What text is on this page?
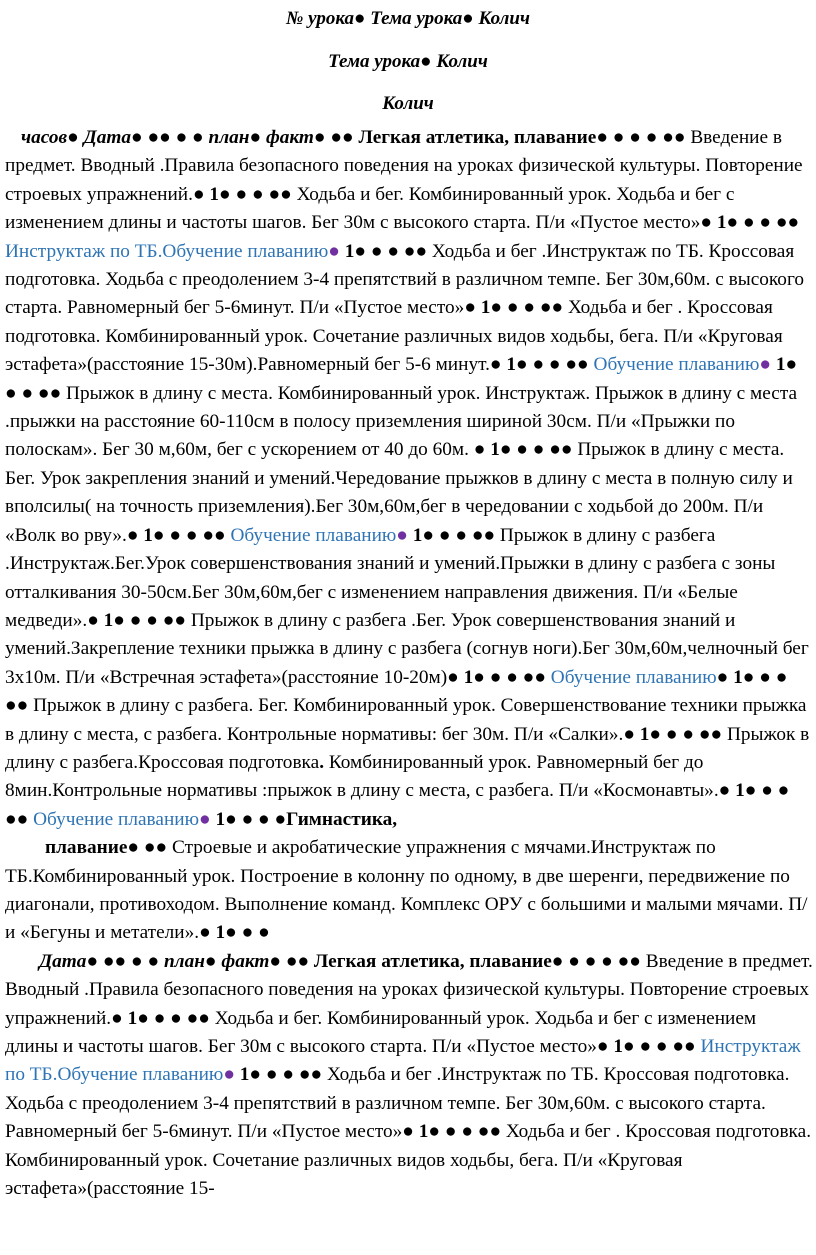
№ урока● Тема урока● Колич
Тема урока● Колич
Колич
часов● Дата● ●● ● ● план● факт● ●● Легкая атлетика, плавание● ● ● ● ●● Введение в предмет. Вводный .Правила безопасного поведения на уроках физической культуры. Повторение строевых упражнений.● 1● ● ● ●● Ходьба и бег. Комбинированный урок. Ходьба и бег с изменением длины и частоты шагов. Бег 30м с высокого старта. П/и «Пустое место»● 1● ● ● ●● Инструктаж по ТБ.Обучение плаванию● 1● ● ● ●● Ходьба и бег .Инструктаж по ТБ. Кроссовая подготовка. Ходьба с преодолением 3-4 препятствий в различном темпе. Бег 30м,60м. с высокого старта. Равномерный бег 5-6минут. П/и «Пустое место»● 1● ● ● ●● Ходьба и бег . Кроссовая подготовка. Комбинированный урок. Сочетание различных видов ходьбы, бега. П/и «Круговая эстафета»(расстояние 15-30м).Равномерный бег 5-6 минут.● 1● ● ● ●● Обучение плаванию● 1● ● ● ●● Прыжок в длину с места. Комбинированный урок. Инструктаж. Прыжок в длину с места .прыжки на расстояние 60-110см в полосу приземления шириной 30см. П/и «Прыжки по полоскам». Бег 30 м,60м, бег с ускорением от 40 до 60м. ● 1● ● ● ●● Прыжок в длину с места. Бег. Урок закрепления знаний и умений.Чередование прыжков в длину с места в полную силу и вполсилы( на точность приземления).Бег 30м,60м,бег в чередовании с ходьбой до 200м. П/и «Волк во рву».● 1● ● ● ●● Обучение плаванию● 1● ● ● ●● Прыжок в длину с разбега .Инструктаж.Бег.Урок совершенствования знаний и умений.Прыжки в длину с разбега с зоны отталкивания 30-50см.Бег 30м,60м,бег с изменением направления движения. П/и «Белые медведи».● 1● ● ● ●● Прыжок в длину с разбега .Бег. Урок совершенствования знаний и умений.Закрепление техники прыжка в длину с разбега (согнув ноги).Бег 30м,60м,челночный бег 3х10м. П/и «Встречная эстафета»(расстояние 10-20м)● 1● ● ● ●● Обучение плаванию● 1● ● ● ●● Прыжок в длину с разбега. Бег. Комбинированный урок. Совершенствование техники прыжка в длину с места, с разбега. Контрольные нормативы: бег 30м. П/и «Салки».● 1● ● ● ●● Прыжок в длину с разбега.Кроссовая подготовка. Комбинированный урок. Равномерный бег до 8мин.Контрольные нормативы :прыжок в длину с места, с разбега. П/и «Космонавты».● 1● ● ● ●● Обучение плаванию● 1● ● ● ●Гимнастика,
плавание● ●● Строевые и акробатические упражнения с мячами.Инструктаж по ТБ.Комбинированный урок. Построение в колонну по одному, в две шеренги, передвижение по диагонали, противоходом. Выполнение команд. Комплекс ОРУ с большими и малыми мячами. П/и «Бегуны и метатели».● 1● ● ●
Дата● ●● ● ● план● факт● ●● Легкая атлетика, плавание● ● ● ● ●● Введение в предмет. Вводный .Правила безопасного поведения на уроках физической культуры. Повторение строевых упражнений.● 1● ● ● ●● Ходьба и бег. Комбинированный урок. Ходьба и бег с изменением длины и частоты шагов. Бег 30м с высокого старта. П/и «Пустое место»● 1● ● ● ●● Инструктаж по ТБ.Обучение плаванию● 1● ● ● ●● Ходьба и бег .Инструктаж по ТБ. Кроссовая подготовка. Ходьба с преодолением 3-4 препятствий в различном темпе. Бег 30м,60м. с высокого старта. Равномерный бег 5-6минут. П/и «Пустое место»● 1● ● ● ●● Ходьба и бег . Кроссовая подготовка. Комбинированный урок. Сочетание различных видов ходьбы, бега. П/и «Круговая эстафета»(расстояние 15-
